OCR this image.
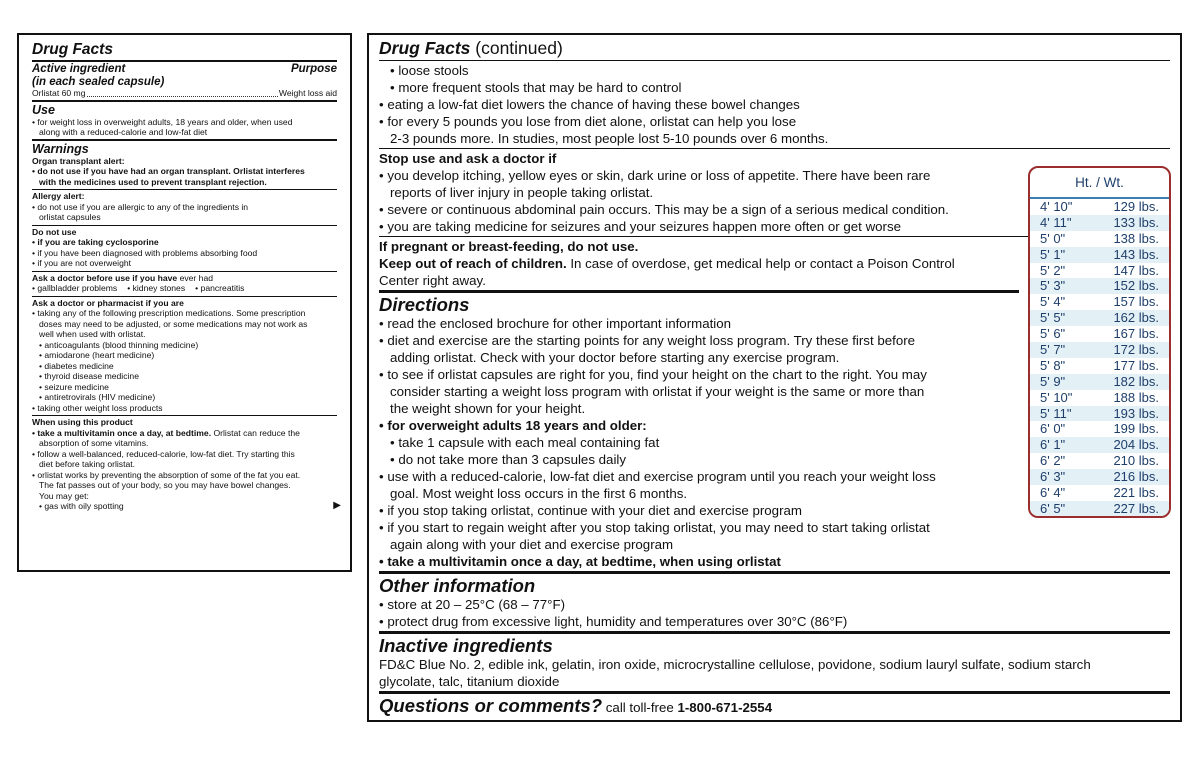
Drug Facts
Active ingredient	Purpose
(in each sealed capsule)
Orlistat 60 mg	Weight loss aid
Use

• for weight loss in overweight adults, 18 years and older, when used

along with a reduced-calorie and low-fat diet

Warnings

Organ transplant alert:

• do not use if you have had an organ transplant. Orlistat interferes

with the medicines used to prevent transplant rejection.

Allergy alert:

• do not use if you are allergic to any of the ingredients in

orlistat capsules

Do not use

• if you are taking cyclosporine

• if you have been diagnosed with problems absorbing food

• if you are not overweight

Ask a doctor before use if you have ever had

• gallbladder problems • kidney stones • pancreatitis

Ask a doctor or pharmacist if you are

• taking any of the following prescription medications. Some prescription

doses may need to be adjusted, or some medications may not work as

well when used with orlistat.

• anticoagulants (blood thinning medicine)

• amiodarone (heart medicine)

• diabetes medicine

• thyroid disease medicine

• seizure medicine

• antiretrovirals (HIV medicine)

• taking other weight loss products

When using this product

• take a multivitamin once a day, at bedtime. Orlistat can reduce the

absorption of some vitamins.

• follow a well-balanced, reduced-calorie, low-fat diet. Try starting this

diet before taking orlistat.

• orlistat works by preventing the absorption of some of the fat you eat.

The fat passes out of your body, so you may have bowel changes.

You may get:

• gas with oily spotting	▶

Drug Facts (continued)

• loose stools

• more frequent stools that may be hard to control

• eating a low-fat diet lowers the chance of having these bowel changes

• for every 5 pounds you lose from diet alone, orlistat can help you lose

2-3 pounds more. In studies, most people lost 5-10 pounds over 6 months.

Stop use and ask a doctor if

• you develop itching, yellow eyes or skin, dark urine or loss of appetite. There have been rare

reports of liver injury in people taking orlistat.

• severe or continuous abdominal pain occurs. This may be a sign of a serious medical condition.

• you are taking medicine for seizures and your seizures happen more often or get worse

If pregnant or breast-feeding, do not use.

Keep out of reach of children. In case of overdose, get medical help or contact a Poison Control

Center right away.

Directions

• read the enclosed brochure for other important information

• diet and exercise are the starting points for any weight loss program. Try these first before

adding orlistat. Check with your doctor before starting any exercise program.

• to see if orlistat capsules are right for you, find your height on the chart to the right. You may

consider starting a weight loss program with orlistat if your weight is the same or more than

the weight shown for your height.

• for overweight adults 18 years and older:

• take 1 capsule with each meal containing fat

• do not take more than 3 capsules daily

• use with a reduced-calorie, low-fat diet and exercise program until you reach your weight loss

goal. Most weight loss occurs in the first 6 months.

• if you stop taking orlistat, continue with your diet and exercise program

• if you start to regain weight after you stop taking orlistat, you may need to start taking orlistat

again along with your diet and exercise program

• take a multivitamin once a day, at bedtime, when using orlistat

Other information

• store at 20 – 25°C (68 – 77°F)

• protect drug from excessive light, humidity and temperatures over 30°C (86°F)

Inactive ingredients

FD&C Blue No. 2, edible ink, gelatin, iron oxide, microcrystalline cellulose, povidone, sodium lauryl sulfate, sodium starch

glycolate, talc, titanium dioxide

Questions or comments? call toll-free 1-800-671-2554
Ht. / Wt.
4' 10"	129 lbs.
4' 11"	133 lbs.
5' 0"	138 lbs.
5' 1"	143 lbs.
5' 2"	147 lbs.
5' 3"	152 lbs.
5' 4"	157 lbs.
5' 5"	162 lbs.
5' 6"	167 lbs.
5' 7"	172 lbs.
5' 8"	177 lbs.
5' 9"	182 lbs.
5' 10"	188 lbs.
5' 11"	193 lbs.
6' 0"	199 lbs.
6' 1"	204 lbs.
6' 2"	210 lbs.
6' 3"	216 lbs.
6' 4"	221 lbs.
6' 5"	227 lbs.
